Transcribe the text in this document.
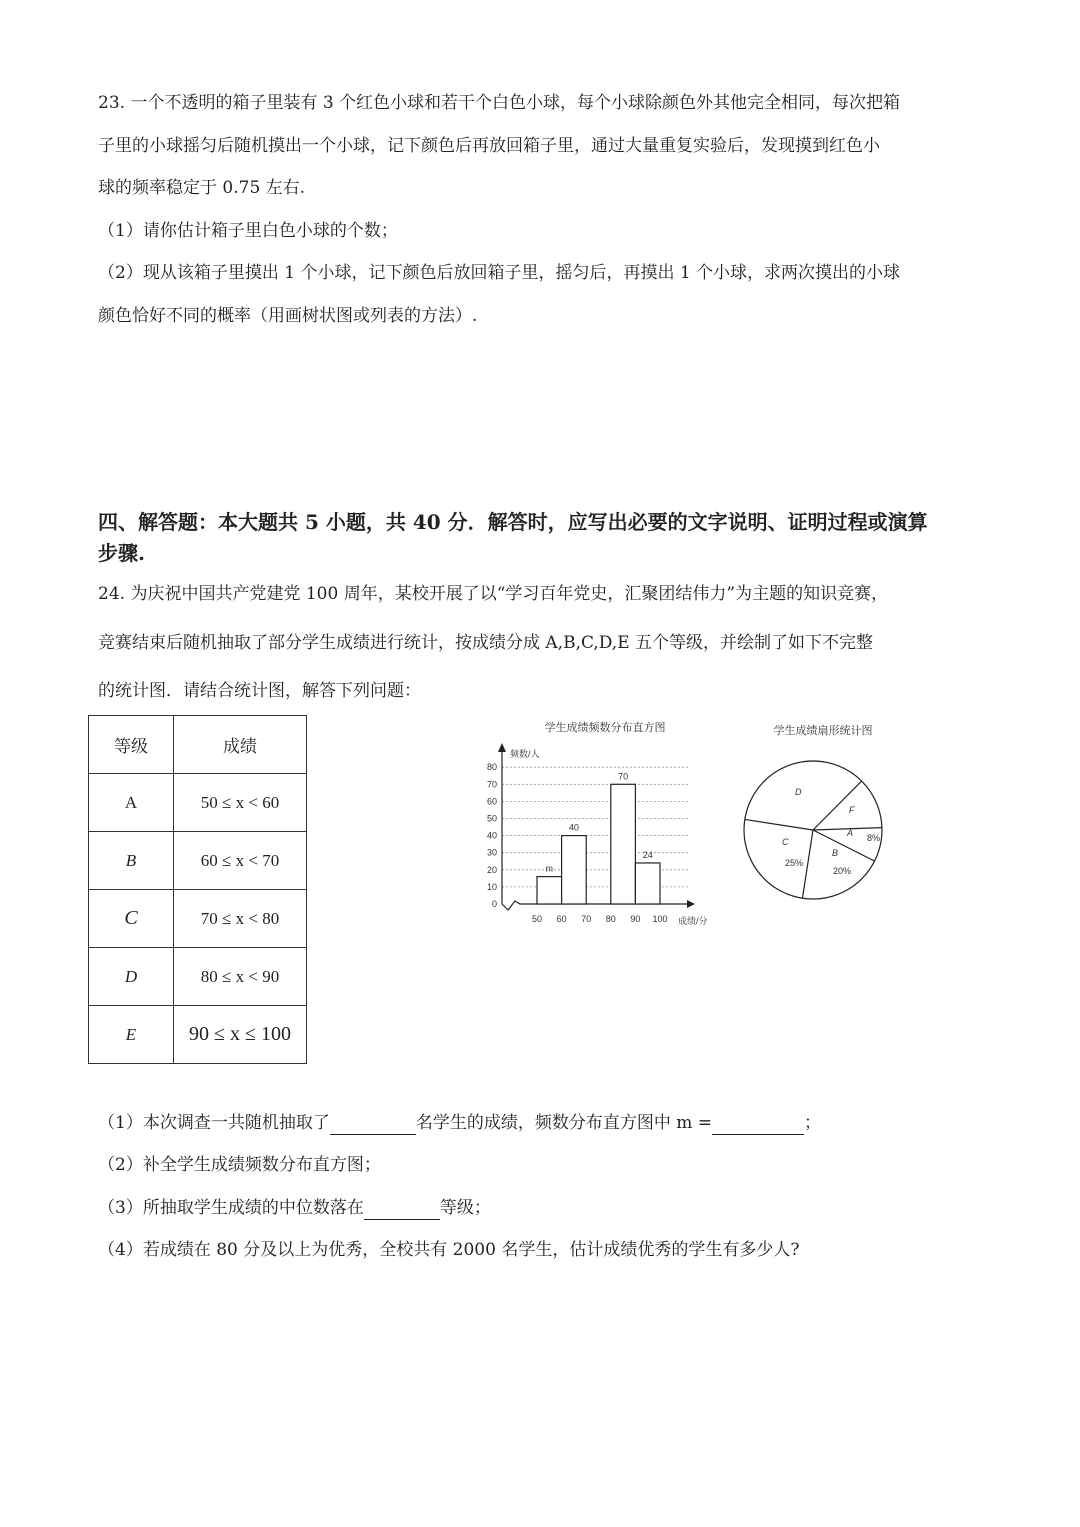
23. 一个不透明的箱子里装有 3 个红色小球和若干个白色小球，每个小球除颜色外其他完全相同，每次把箱
子里的小球摇匀后随机摸出一个小球，记下颜色后再放回箱子里，通过大量重复实验后，发现摸到红色小
球的频率稳定于 0.75 左右.
（1）请你估计箱子里白色小球的个数；
（2）现从该箱子里摸出 1 个小球，记下颜色后放回箱子里，摇匀后，再摸出 1 个小球，求两次摸出的小球
颜色恰好不同的概率（用画树状图或列表的方法）.
四、解答题：本大题共 5 小题，共 40 分．解答时，应写出必要的文字说明、证明过程或演算
步骤.
24. 为庆祝中国共产党建党 100 周年，某校开展了以“学习百年党史，汇聚团结伟力”为主题的知识竞赛，
竞赛结束后随机抽取了部分学生成绩进行统计，按成绩分成 A,B,C,D,E 五个等级，并绘制了如下不完整
的统计图．请结合统计图，解答下列问题：
等级	成绩
A	50 ≤ x < 60
B	60 ≤ x < 70
C	70 ≤ x < 80
D	80 ≤ x < 90
E	90 ≤ x ≤ 100
学生成绩频数分布直方图
频数/人
0
10
20
30
40
50
60
70
80
50 60 70 80 90 100 成绩/分
m
40
70
24
学生成绩扇形统计图
A 8%
B
20%
C
25%
D
F
（1）本次调查一共随机抽取了	名学生的成绩，频数分布直方图中 m =	；
（2）补全学生成绩频数分布直方图；
（3）所抽取学生成绩的中位数落在	等级；
（4）若成绩在 80 分及以上为优秀，全校共有 2000 名学生，估计成绩优秀的学生有多少人?
